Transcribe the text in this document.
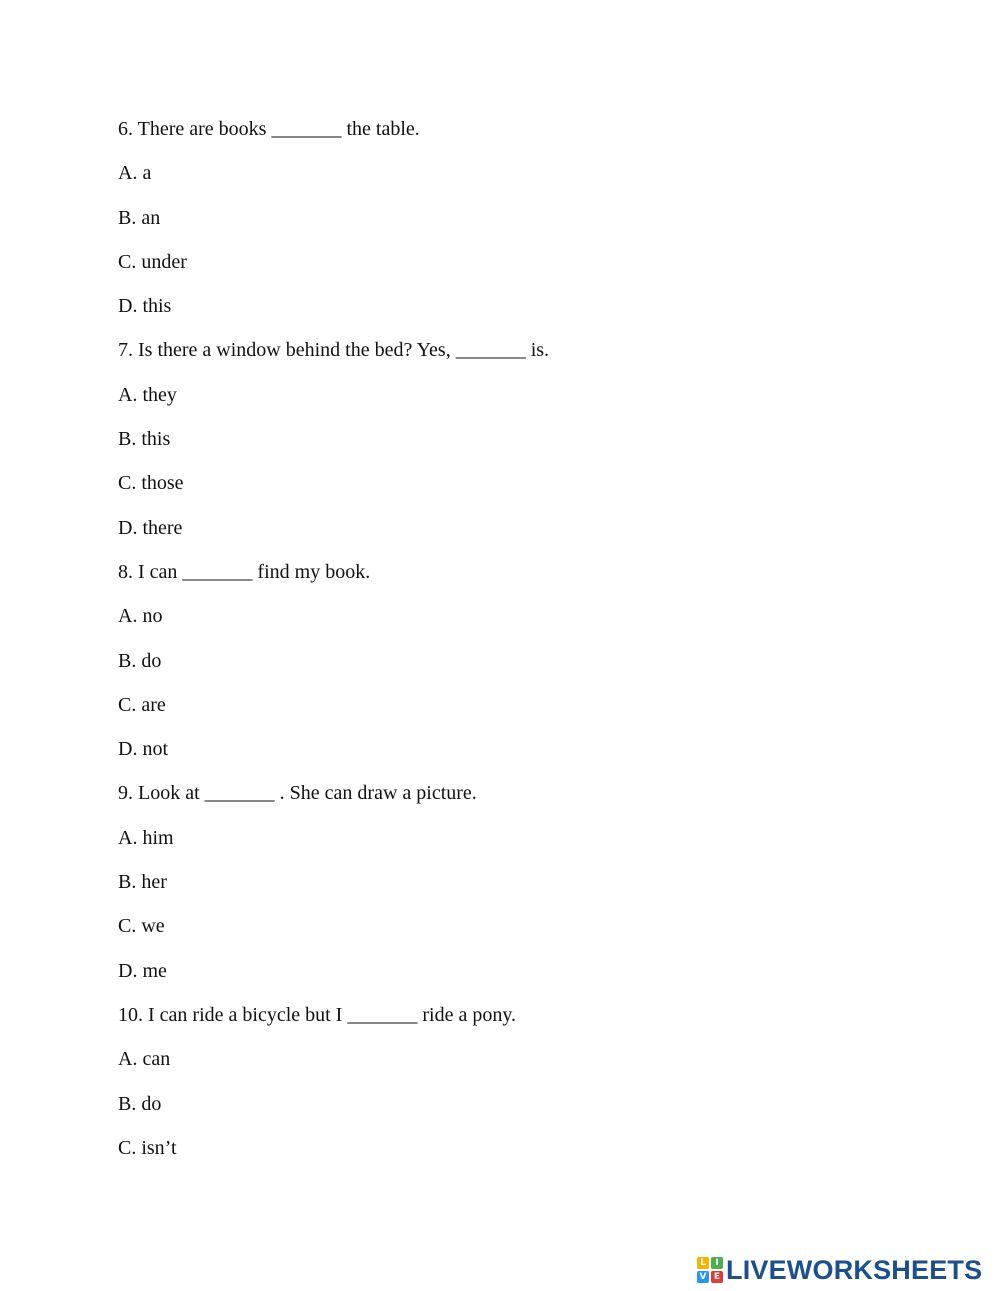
6. There are books _______ the table.
A. a
B. an
C. under
D. this
7. Is there a window behind the bed? Yes, _______ is.
A. they
B. this
C. those
D. there
8. I can _______ find my book.
A. no
B. do
C. are
D. not
9. Look at _______ . She can draw a picture.
A. him
B. her
C. we
D. me
10. I can ride a bicycle but I _______ ride a pony.
A. can
B. do
C. isn’t
L	I
V E LIVEWORKSHEETS
